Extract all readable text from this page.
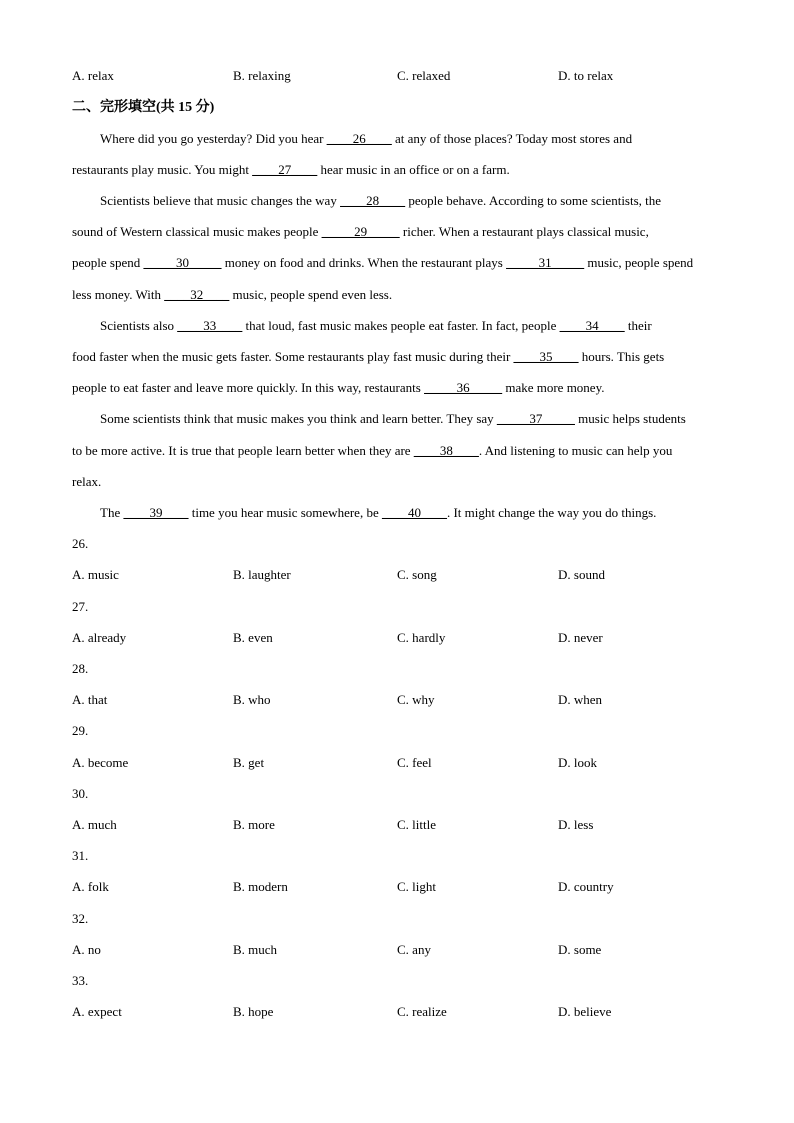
A. relax	B. relaxing	C. relaxed	D. to relax
二、完形填空(共 15 分)
Where did you go yesterday? Did you hear ____26____ at any of those places? Today most stores and
restaurants play music. You might ____27____ hear music in an office or on a farm.
Scientists believe that music changes the way ____28____ people behave. According to some scientists, the
sound of Western classical music makes people _____29_____ richer. When a restaurant plays classical music,
people spend _____30_____ money on food and drinks. When the restaurant plays _____31_____ music, people spend
less money. With ____32____ music, people spend even less.
Scientists also ____33____ that loud, fast music makes people eat faster. In fact, people ____34____ their
food faster when the music gets faster. Some restaurants play fast music during their ____35____ hours. This gets
people to eat faster and leave more quickly. In this way, restaurants _____36_____ make more money.
Some scientists think that music makes you think and learn better. They say _____37_____ music helps students
to be more active. It is true that people learn better when they are ____38____. And listening to music can help you
relax.
The ____39____ time you hear music somewhere, be ____40____. It might change the way you do things.
26.
A. music	B. laughter	C. song	D. sound
27.
A. already	B. even	C. hardly	D. never
28.
A. that	B. who	C. why	D. when
29.
A. become	B. get	C. feel	D. look
30.
A. much	B. more	C. little	D. less
31.
A. folk	B. modern	C. light	D. country
32.
A. no	B. much	C. any	D. some
33.
A. expect	B. hope	C. realize	D. believe
